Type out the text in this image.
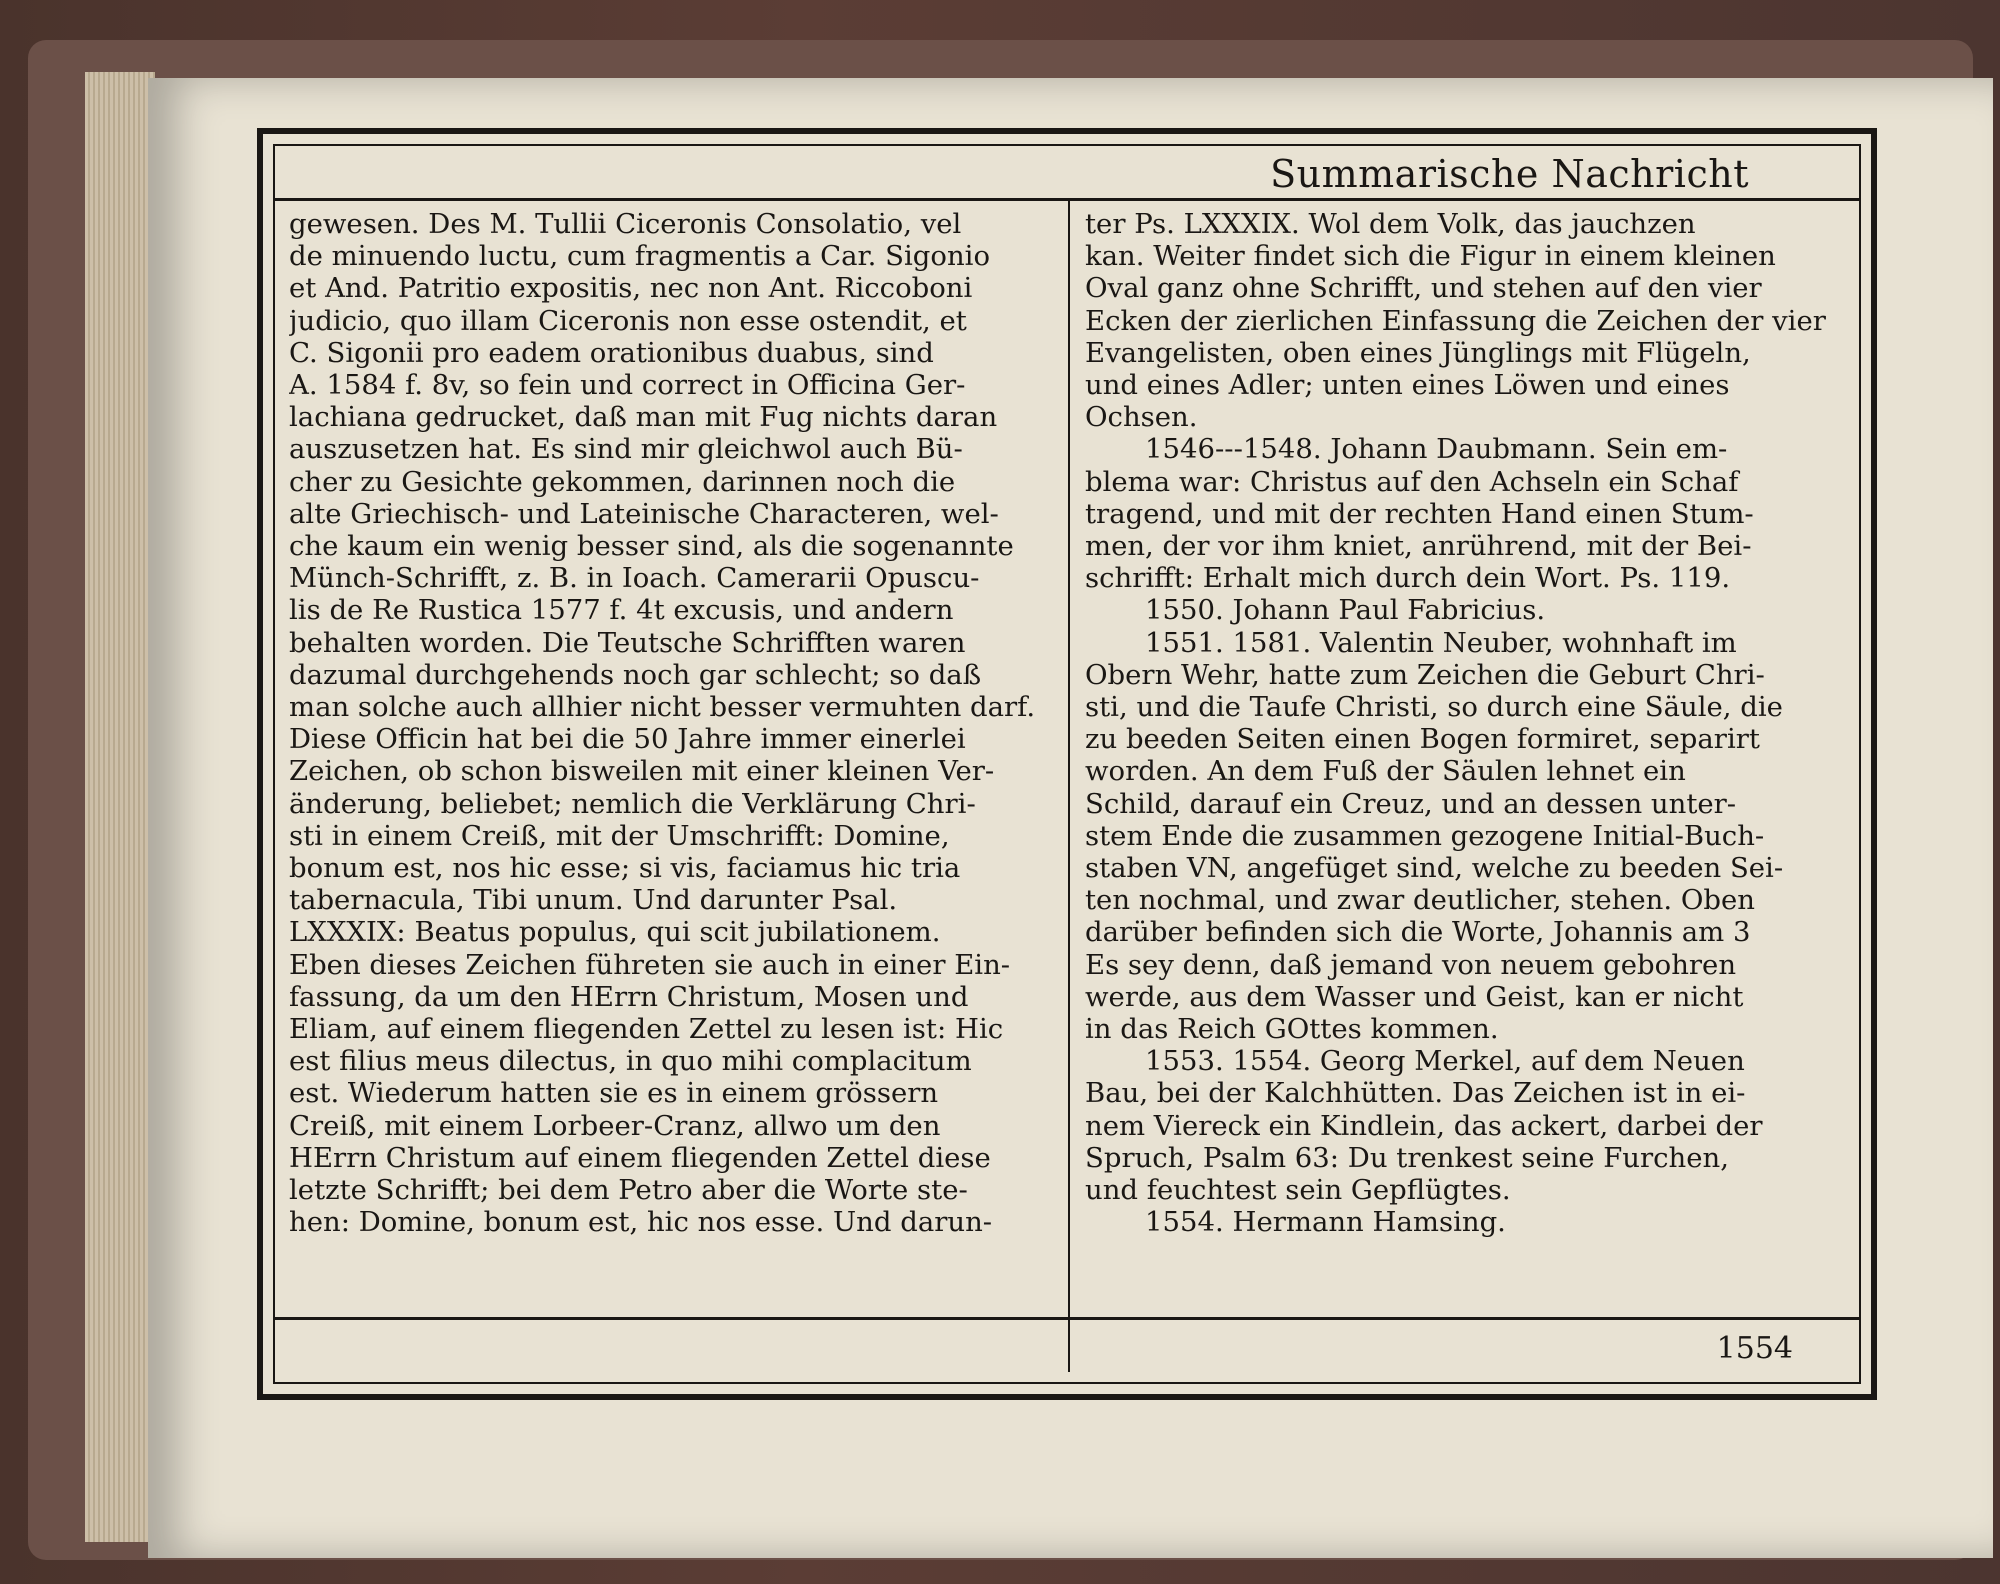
Summarische Nachricht
gewesen. Des M. Tullii Ciceronis Consolatio, vel
de minuendo luctu, cum fragmentis a Car. Sigonio
et And. Patritio expositis, nec non Ant. Riccoboni
judicio, quo illam Ciceronis non esse ostendit, et
C. Sigonii pro eadem orationibus duabus, sind
A. 1584 f. 8v, so fein und correct in Officina Ger-
lachiana gedrucket, daß man mit Fug nichts daran
auszusetzen hat. Es sind mir gleichwol auch Bü-
cher zu Gesichte gekommen, darinnen noch die
alte Griechisch- und Lateinische Characteren, wel-
che kaum ein wenig besser sind, als die sogenannte
Münch-Schrifft, z. B. in Ioach. Camerarii Opuscu-
lis de Re Rustica 1577 f. 4t excusis, und andern
behalten worden. Die Teutsche Schrifften waren
dazumal durchgehends noch gar schlecht; so daß
man solche auch allhier nicht besser vermuhten darf.
Diese Officin hat bei die 50 Jahre immer einerlei
Zeichen, ob schon bisweilen mit einer kleinen Ver-
änderung, beliebet; nemlich die Verklärung Chri-
sti in einem Creiß, mit der Umschrifft: Domine,
bonum est, nos hic esse; si vis, faciamus hic tria
tabernacula, Tibi unum. Und darunter Psal.
LXXXIX: Beatus populus, qui scit jubilationem.
Eben dieses Zeichen führeten sie auch in einer Ein-
fassung, da um den HErrn Christum, Mosen und
Eliam, auf einem fliegenden Zettel zu lesen ist: Hic
est filius meus dilectus, in quo mihi complacitum
est. Wiederum hatten sie es in einem grössern
Creiß, mit einem Lorbeer-Cranz, allwo um den
HErrn Christum auf einem fliegenden Zettel diese
letzte Schrifft; bei dem Petro aber die Worte ste-
hen: Domine, bonum est, hic nos esse. Und darun-
ter Ps. LXXXIX. Wol dem Volk, das jauchzen
kan. Weiter findet sich die Figur in einem kleinen
Oval ganz ohne Schrifft, und stehen auf den vier
Ecken der zierlichen Einfassung die Zeichen der vier
Evangelisten, oben eines Jünglings mit Flügeln,
und eines Adler; unten eines Löwen und eines
Ochsen.
1546---1548. Johann Daubmann. Sein em-
blema war: Christus auf den Achseln ein Schaf
tragend, und mit der rechten Hand einen Stum-
men, der vor ihm kniet, anrührend, mit der Bei-
schrifft: Erhalt mich durch dein Wort. Ps. 119.
1550. Johann Paul Fabricius.
1551. 1581. Valentin Neuber, wohnhaft im
Obern Wehr, hatte zum Zeichen die Geburt Chri-
sti, und die Taufe Christi, so durch eine Säule, die
zu beeden Seiten einen Bogen formiret, separirt
worden. An dem Fuß der Säulen lehnet ein
Schild, darauf ein Creuz, und an dessen unter-
stem Ende die zusammen gezogene Initial-Buch-
staben VN, angefüget sind, welche zu beeden Sei-
ten nochmal, und zwar deutlicher, stehen. Oben
darüber befinden sich die Worte, Johannis am 3
Es sey denn, daß jemand von neuem gebohren
werde, aus dem Wasser und Geist, kan er nicht
in das Reich GOttes kommen.
1553. 1554. Georg Merkel, auf dem Neuen
Bau, bei der Kalchhütten. Das Zeichen ist in ei-
nem Viereck ein Kindlein, das ackert, darbei der
Spruch, Psalm 63: Du trenkest seine Furchen,
und feuchtest sein Gepflügtes.
1554. Hermann Hamsing.
1554
